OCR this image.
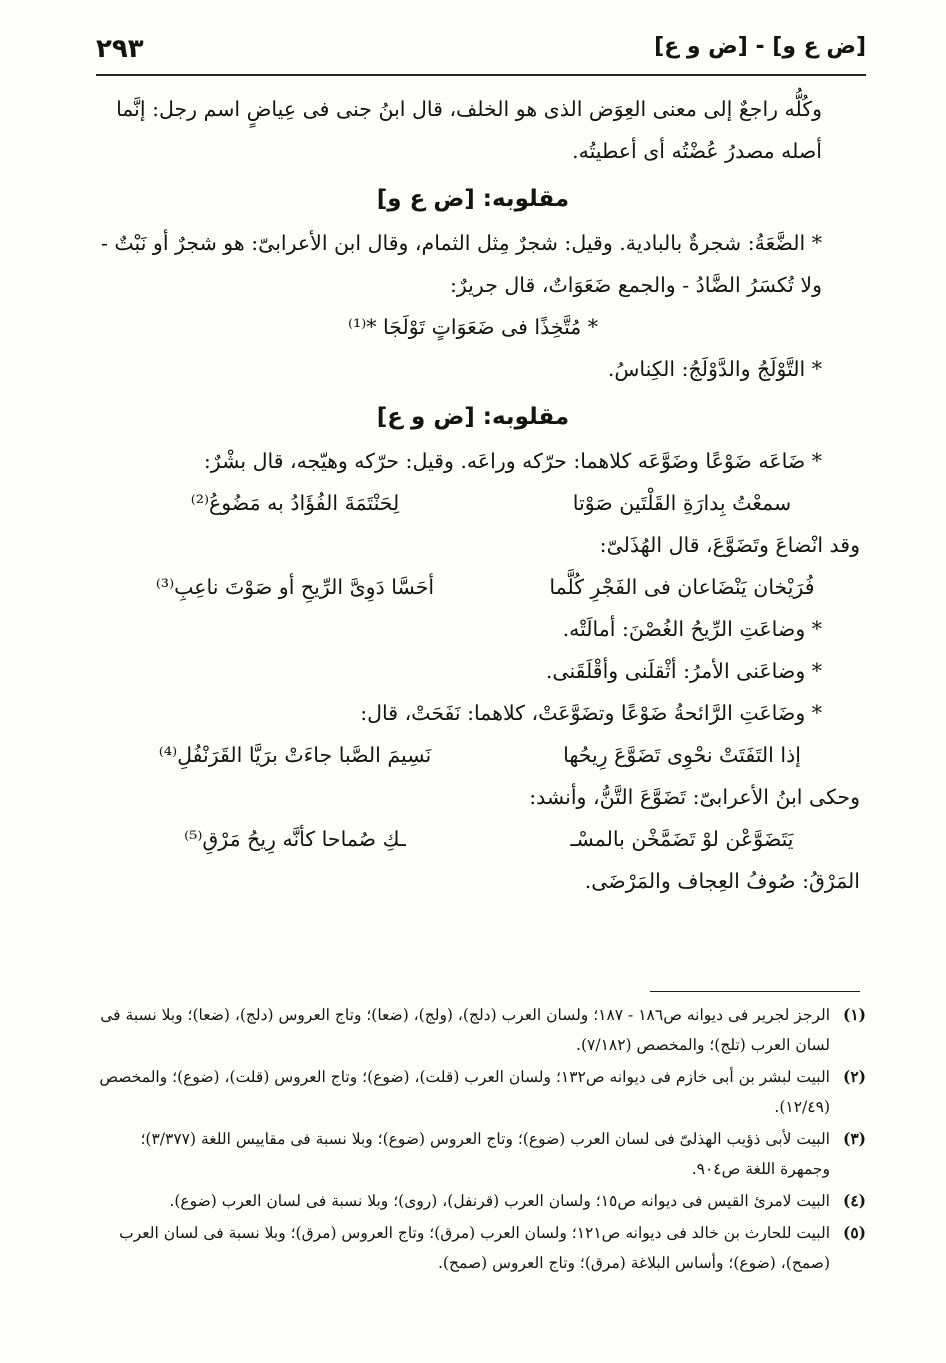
[ض ع و] - [ض و ع]
٢٩٣

وكُلُّه راجعٌ إلى معنى العِوَض الذى هو الخلف، قال ابنُ جنى فى عِياضٍ اسم رجل: إنَّما أصله مصدرُ عُضْتُه أى أعطيتُه.

مقلوبه: [ض ع و]

* الضَّعَةُ: شجرةٌ بالبادية. وقيل: شجرٌ مِثل الثمام، وقال ابن الأعرابىّ: هو شجرٌ أو نَبْتٌ - ولا تُكسَرُ الضَّادُ - والجمع ضَعَوَاتٌ، قال جريرٌ:

* مُتَّخِذًا فى ضَعَوَاتٍ تَوْلَجَا *⁽¹⁾

* التَّوْلَجُ والدَّوْلَجُ: الكِناسُ.

مقلوبه: [ض و ع]

* ضَاعَه ضَوْعًا وضَوَّعَه كلاهما: حرّكه وراعَه. وقيل: حرّكه وهيّجه، قال بشْرٌ:

سمعْتُ بِدارَةِ القَلْتَين صَوْتا
لِحَنْتَمَةَ الفُؤَادُ به مَضُوعُ⁽²⁾

وقد انْضاعَ وتَضَوَّعَ، قال الهُذَلىّ:

فُرَيْخان يَنْضَاعان فى الفَجْرِ كُلَّما
أحَسَّا دَوِىَّ الرِّيحِ أو صَوْتَ ناعِبِ⁽³⁾

* وضاعَتِ الرِّيحُ الغُصْنَ: أمالَتْه.

* وضاعَنى الأمرُ: أثْقلَنى وأقْلَقَنى.

* وضَاعَتِ الرَّائحةُ ضَوْعًا وتضَوَّعَتْ، كلاهما: نَفَحَتْ، قال:

إذا التَفَتَتْ نحْوِى تَضَوَّعَ رِيحُها
نَسِيمَ الصَّبا جاءَتْ برَيَّا القَرَنْفُلِ⁽⁴⁾

وحكى ابنُ الأعرابىّ: تَضَوَّعَ التَّنُّ، وأنشد:

يَتَضَوَّعْن لوْ تَضَمَّخْن بالمسْـ
ـكِ صُماحا كأنَّه رِيحُ مَرْقِ⁽⁵⁾

المَرْقُ: صُوفُ العِجاف والمَرْضَى.

(١)الرجز لجرير فى ديوانه ص١٨٦ - ١٨٧؛ ولسان العرب (دلج)، (ولج)، (ضعا)؛ وتاج العروس (دلج)، (ضعا)؛ وبلا نسبة فى لسان العرب (تلج)؛ والمخصص (٧/١٨٢).

(٢)البيت لبشر بن أبى خازم فى ديوانه ص١٣٢؛ ولسان العرب (قلت)، (ضوع)؛ وتاج العروس (قلت)، (ضوع)؛ والمخصص (١٢/٤٩).

(٣)البيت لأبى ذؤيب الهذلىّ فى لسان العرب (ضوع)؛ وتاج العروس (ضوع)؛ وبلا نسبة فى مقاييس اللغة (٣/٣٧٧)؛ وجمهرة اللغة ص٩٠٤.

(٤)البيت لامرئ القيس فى ديوانه ص١٥؛ ولسان العرب (قرنفل)، (روى)؛ وبلا نسبة فى لسان العرب (ضوع).

(٥)البيت للحارث بن خالد فى ديوانه ص١٢١؛ ولسان العرب (مرق)؛ وتاج العروس (مرق)؛ وبلا نسبة فى لسان العرب (صمح)، (ضوع)؛ وأساس البلاغة (مرق)؛ وتاج العروس (صمح).
